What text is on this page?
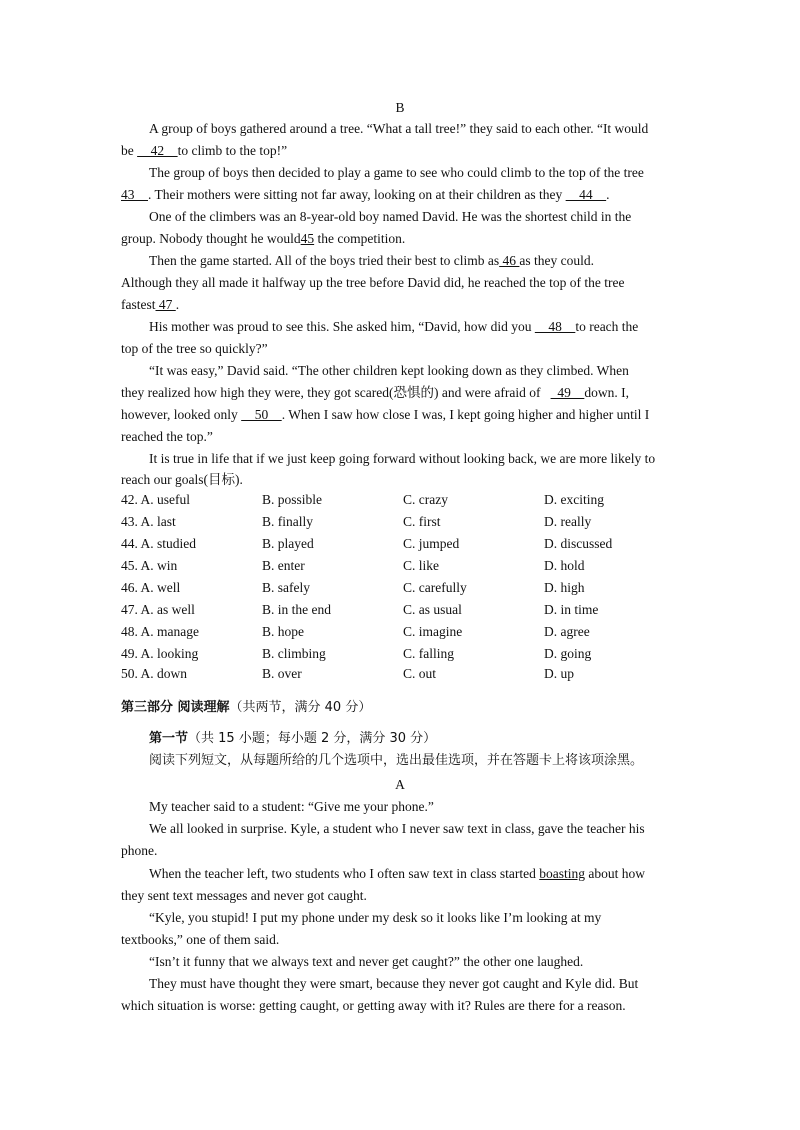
B
A group of boys gathered around a tree. “What a tall tree!” they said to each other. “It would
be     42    to climb to the top!”
The group of boys then decided to play a game to see who could climb to the top of the tree
43    . Their mothers were sitting not far away, looking on at their children as they     44    .
One of the climbers was an 8-year-old boy named David. He was the shortest child in the
group. Nobody thought he would45 the competition.
Then the game started. All of the boys tried their best to climb as 46 as they could.
Although they all made it halfway up the tree before David did, he reached the top of the tree
fastest 47 .
His mother was proud to see this. She asked him, “David, how did you     48    to reach the
top of the tree so quickly?”
“It was easy,” David said. “The other children kept looking down as they climbed. When
they realized how high they were, they got scared(恐惧的) and were afraid of     49    down. I,
however, looked only     50    . When I saw how close I was, I kept going higher and higher until I
reached the top.”
It is true in life that if we just keep going forward without looking back, we are more likely to
reach our goals(目标).
42. A. useful	B. possible	C. crazy	D. exciting
43. A. last	B. finally	C. first	D. really
44. A. studied	B. played	C. jumped	D. discussed
45. A. win	B. enter	C. like	D. hold
46. A. well	B. safely	C. carefully	D. high
47. A. as well	B. in the end	C. as usual	D. in time
48. A. manage	B. hope	C. imagine	D. agree
49. A. looking	B. climbing	C. falling	D. going
50. A. down	B. over	C. out	D. up
第三部分 阅读理解（共两节，满分 40 分）
第一节（共 15 小题；每小题 2 分，满分 30 分）
阅读下列短文，从每题所给的几个选项中，选出最佳选项，并在答题卡上将该项涂黑。
A
My teacher said to a student: “Give me your phone.”
We all looked in surprise. Kyle, a student who I never saw text in class, gave the teacher his
phone.
When the teacher left, two students who I often saw text in class started boasting about how
they sent text messages and never got caught.
“Kyle, you stupid! I put my phone under my desk so it looks like I’m looking at my
textbooks,” one of them said.
“Isn’t it funny that we always text and never get caught?” the other one laughed.
They must have thought they were smart, because they never got caught and Kyle did. But
which situation is worse: getting caught, or getting away with it? Rules are there for a reason.
